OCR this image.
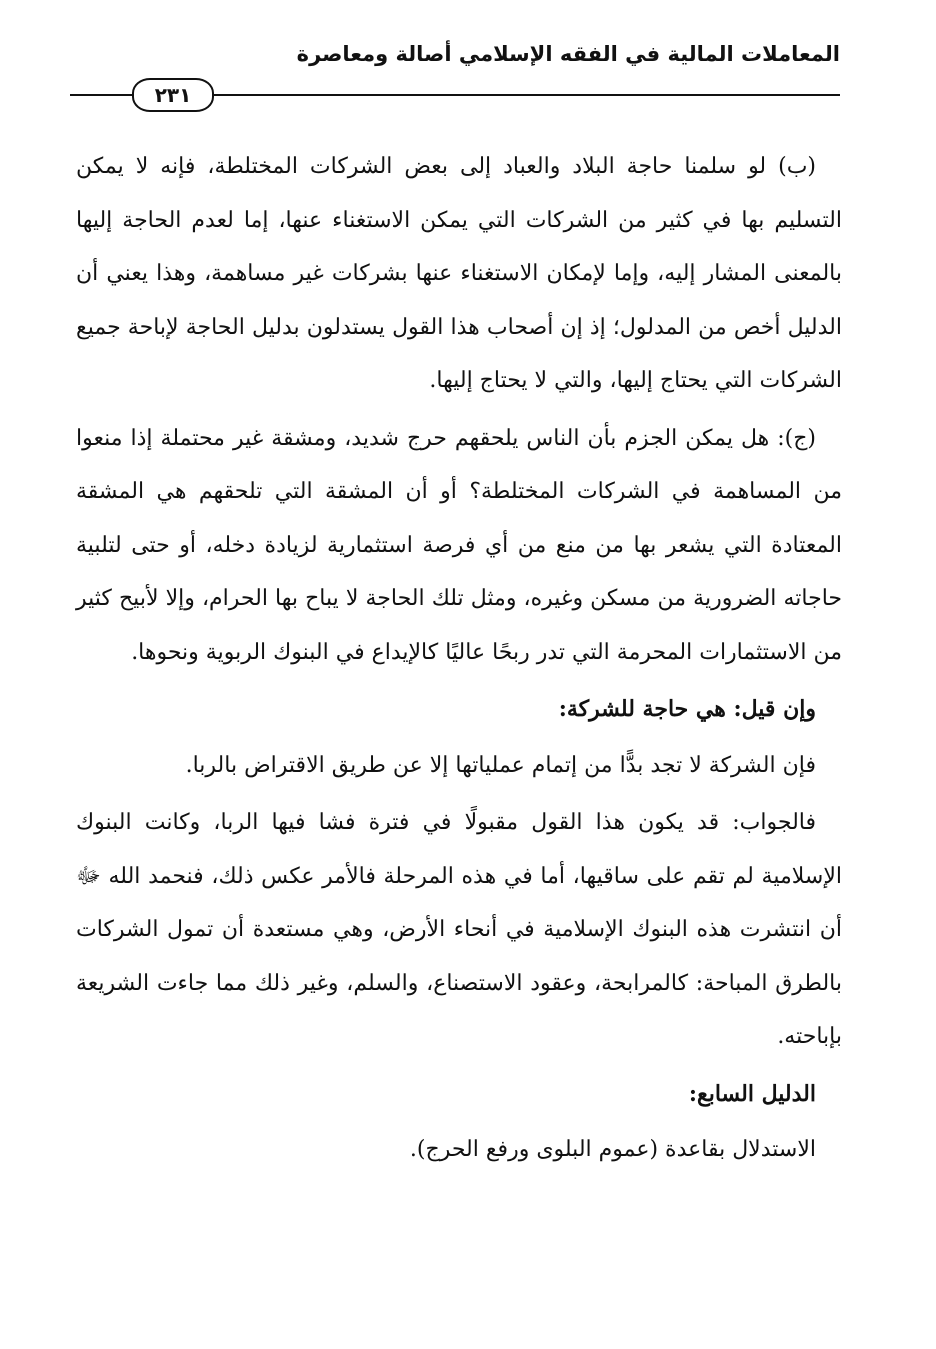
المعاملات المالية في الفقه الإسلامي أصالة ومعاصرة
٢٣١

(ب) لو سلمنا حاجة البلاد والعباد إلى بعض الشركات المختلطة، فإنه لا يمكن التسليم بها في كثير من الشركات التي يمكن الاستغناء عنها، إما لعدم الحاجة إليها بالمعنى المشار إليه، وإما لإمكان الاستغناء عنها بشركات غير مساهمة، وهذا يعني أن الدليل أخص من المدلول؛ إذ إن أصحاب هذا القول يستدلون بدليل الحاجة لإباحة جميع الشركات التي يحتاج إليها، والتي لا يحتاج إليها.

(ج): هل يمكن الجزم بأن الناس يلحقهم حرج شديد، ومشقة غير محتملة إذا منعوا من المساهمة في الشركات المختلطة؟ أو أن المشقة التي تلحقهم هي المشقة المعتادة التي يشعر بها من منع من أي فرصة استثمارية لزيادة دخله، أو حتى لتلبية حاجاته الضرورية من مسكن وغيره، ومثل تلك الحاجة لا يباح بها الحرام، وإلا لأبيح كثير من الاستثمارات المحرمة التي تدر ربحًا عاليًا كالإيداع في البنوك الربوية ونحوها.

وإن قيل: هي حاجة للشركة:

فإن الشركة لا تجد بدًّا من إتمام عملياتها إلا عن طريق الاقتراض بالربا.

فالجواب: قد يكون هذا القول مقبولًا في فترة فشا فيها الربا، وكانت البنوك الإسلامية لم تقم على ساقيها، أما في هذه المرحلة فالأمر عكس ذلك، فنحمد الله ﷻ أن انتشرت هذه البنوك الإسلامية في أنحاء الأرض، وهي مستعدة أن تمول الشركات بالطرق المباحة: كالمرابحة، وعقود الاستصناع، والسلم، وغير ذلك مما جاءت الشريعة بإباحته.

الدليل السابع:

الاستدلال بقاعدة (عموم البلوى ورفع الحرج).
